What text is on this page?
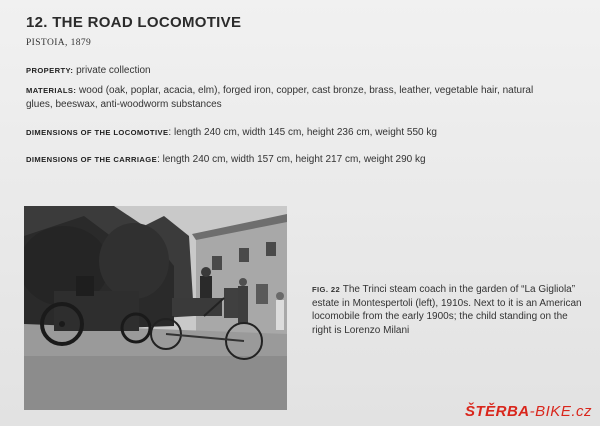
12. THE ROAD LOCOMOTIVE
PISTOIA, 1879
PROPERTY: private collection
MATERIALS: wood (oak, poplar, acacia, elm), forged iron, copper, cast bronze, brass, leather, vegetable hair, natural glues, beeswax, anti-woodworm substances
DIMENSIONS OF THE LOCOMOTIVE: length 240 cm, width 145 cm, height 236 cm, weight 550 kg
DIMENSIONS OF THE CARRIAGE: length 240 cm, width 157 cm, height 217 cm, weight 290 kg
FIG. 22 The Trinci steam coach in the garden of “La Gigliola” estate in Montespertoli (left), 1910s. Next to it is an American locomobile from the early 1900s; the child standing on the right is Lorenzo Milani
ŠTĚRBA-BIKE.cz
